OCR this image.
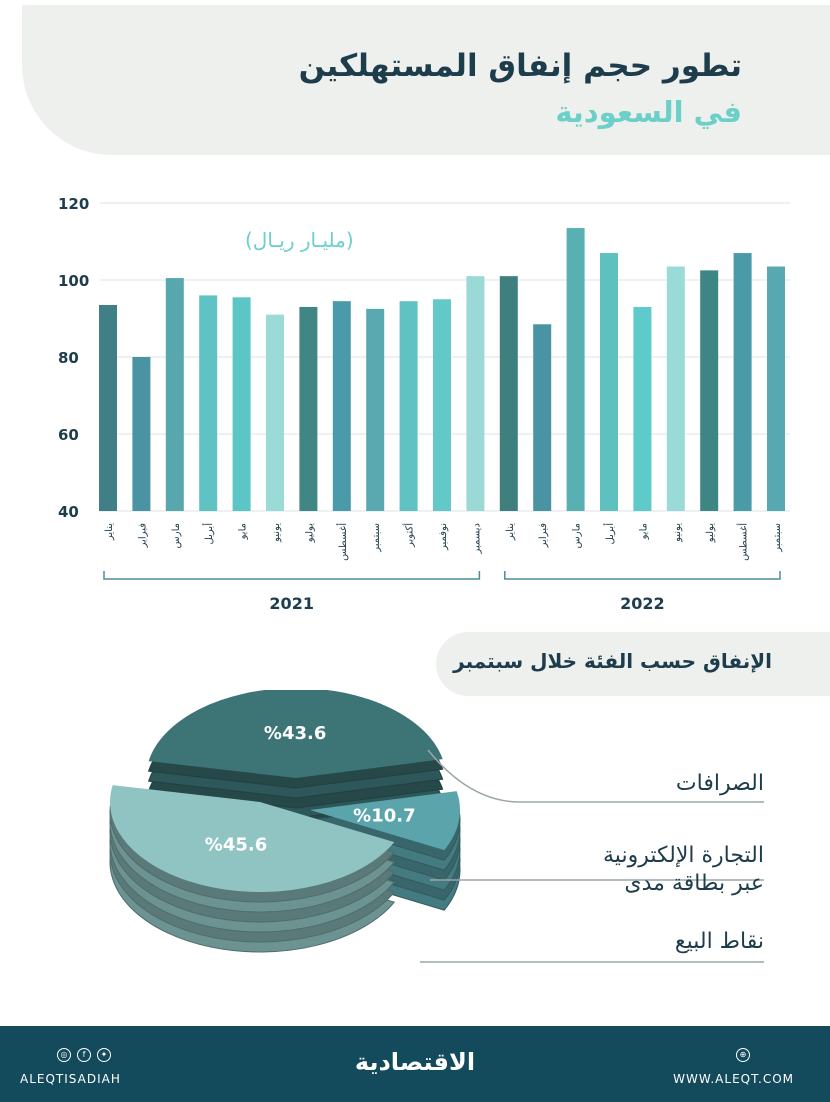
تطور حجم إنفاق المستهلكين
في السعودية
120
100
80
60
40
يناير فبراير مارس أبريل مايو يونيو يوليو أغسطس سبتمبر أكتوبر نوفمبر ديسمبر يناير فبراير مارس أبريل مايو يونيو يوليو أغسطس سبتمبر
2021	2022
(مليـار ريـال)
الإنفاق حسب الفئة خلال سبتمبر
%43.6
%10.7
%45.6
الصرافات
التجارة الإلكترونية
عبر بطاقة مدى
نقاط البيع
◎	f	✦
ALEQTISADIAH
الاقتصادية	⊕
WWW.ALEQT.COM
